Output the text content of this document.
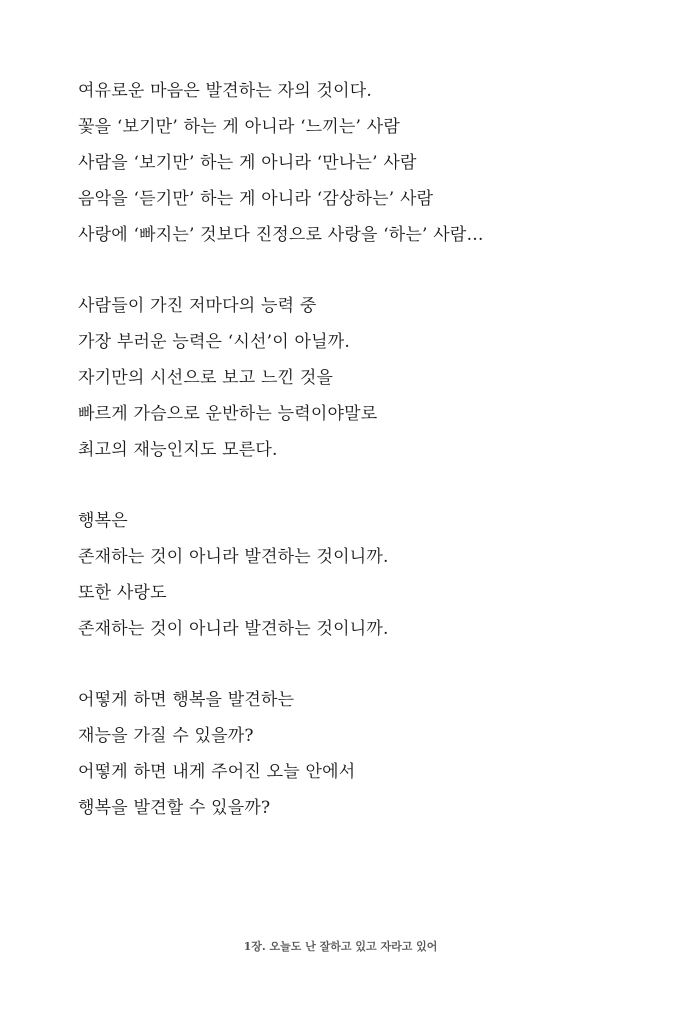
여유로운 마음은 발견하는 자의 것이다.
꽃을 ‘보기만’ 하는 게 아니라 ‘느끼는’ 사람
사람을 ‘보기만’ 하는 게 아니라 ‘만나는’ 사람
음악을 ‘듣기만’ 하는 게 아니라 ‘감상하는’ 사람
사랑에 ‘빠지는’ 것보다 진정으로 사랑을 ‘하는’ 사람…

사람들이 가진 저마다의 능력 중
가장 부러운 능력은 ‘시선’이 아닐까.
자기만의 시선으로 보고 느낀 것을
빠르게 가슴으로 운반하는 능력이야말로
최고의 재능인지도 모른다.

행복은
존재하는 것이 아니라 발견하는 것이니까.
또한 사랑도
존재하는 것이 아니라 발견하는 것이니까.

어떻게 하면 행복을 발견하는
재능을 가질 수 있을까?
어떻게 하면 내게 주어진 오늘 안에서
행복을 발견할 수 있을까?

1장. 오늘도 난 잘하고 있고 자라고 있어
